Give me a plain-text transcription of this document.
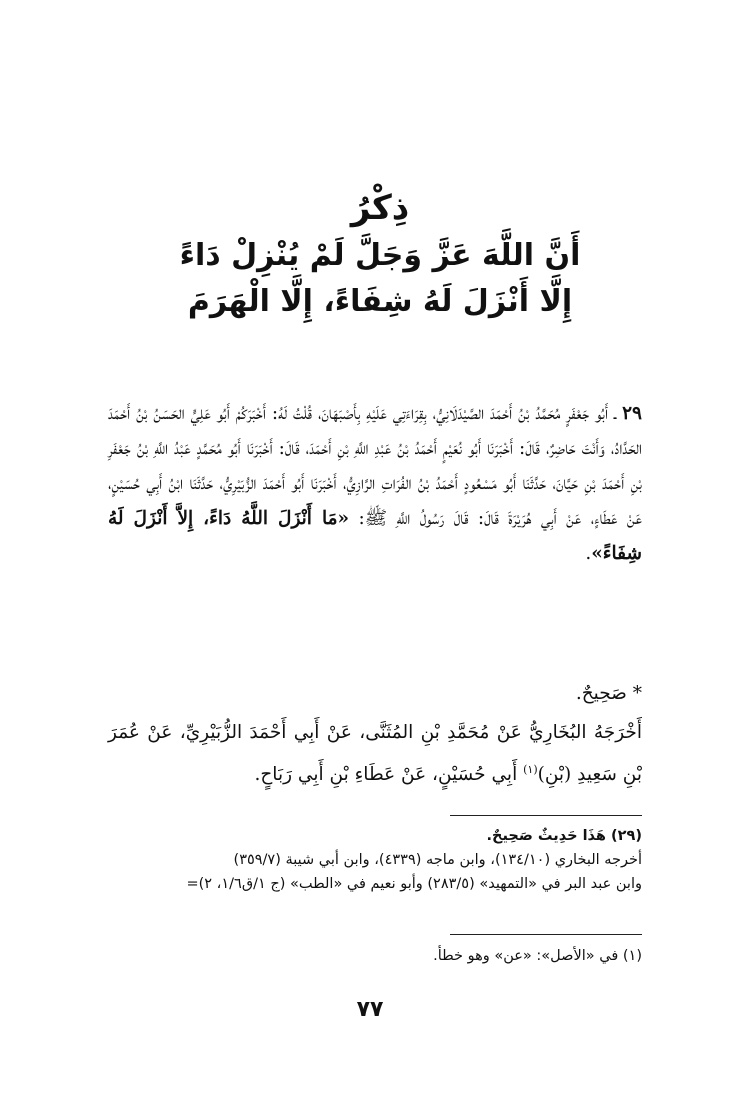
ذِكْرُ
أَنَّ اللَّهَ عَزَّ وَجَلَّ لَمْ يُنْزِلْ دَاءً
إِلَّا أَنْزَلَ لَهُ شِفَاءً، إِلَّا الْهَرَمَ
٢٩ ـ أَبُو جَعْفَرٍ مُحَمَّدُ بْنُ أَحْمَدَ الصَّيْدَلَانِيُّ، بِقِرَاءَتِي عَلَيْهِ بِأَصْبَهَانَ، قُلْتُ لَهُ: أَخْبَرَكُمْ أَبُو عَلِيٍّ الحَسَنُ بْنُ أَحْمَدَ الحَدَّادُ، وَأَنْتَ حَاضِرٌ، قَالَ: أَخْبَرَنَا أَبُو نُعَيْمٍ أَحْمَدُ بْنُ عَبْدِ اللَّهِ بْنِ أَحْمَدَ، قَالَ: أَخْبَرَنَا أَبُو مُحَمَّدٍ عَبْدُ اللَّهِ بْنُ جَعْفَرِ بْنِ أَحْمَدَ بْنِ حَيَّانَ، حَدَّثَنَا أَبُو مَسْعُودٍ أَحْمَدُ بْنُ الفُرَاتِ الرَّازِيُّ، أَخْبَرَنَا أَبُو أَحْمَدَ الزُّبَيْرِيُّ، حَدَّثَنَا ابْنُ أَبِي حُسَيْنٍ، عَنْ عَطَاءٍ، عَنْ أَبِي هُرَيْرَةَ قَالَ: قَالَ رَسُولُ اللَّهِ ﷺ: «مَا أَنْزَلَ اللَّهُ دَاءً، إِلاَّ أَنْزَلَ لَهُ شِفَاءً».
* صَحِيحٌ.
أَخْرَجَهُ البُخَارِيُّ عَنْ مُحَمَّدِ بْنِ المُثَنَّى، عَنْ أَبِي أَحْمَدَ الزُّبَيْرِيِّ، عَنْ عُمَرَ بْنِ سَعِيدِ (بْنِ)$^{(١)}$ أَبِي حُسَيْنٍ، عَنْ عَطَاءِ بْنِ أَبِي رَبَاحٍ.
(٢٩) هَذَا حَدِيثٌ صَحِيحٌ.
أخرجه البخاري (١٣٤/١٠)، وابن ماجه (٤٣٣٩)، وابن أبي شيبة (٣٥٩/٧)
وابن عبد البر في «التمهيد» (٢٨٣/٥) وأبو نعيم في «الطب» (ج ١/ق١/٦، ٢)=
(١) في «الأصل»: «عن» وهو خطأ.
٧٧
